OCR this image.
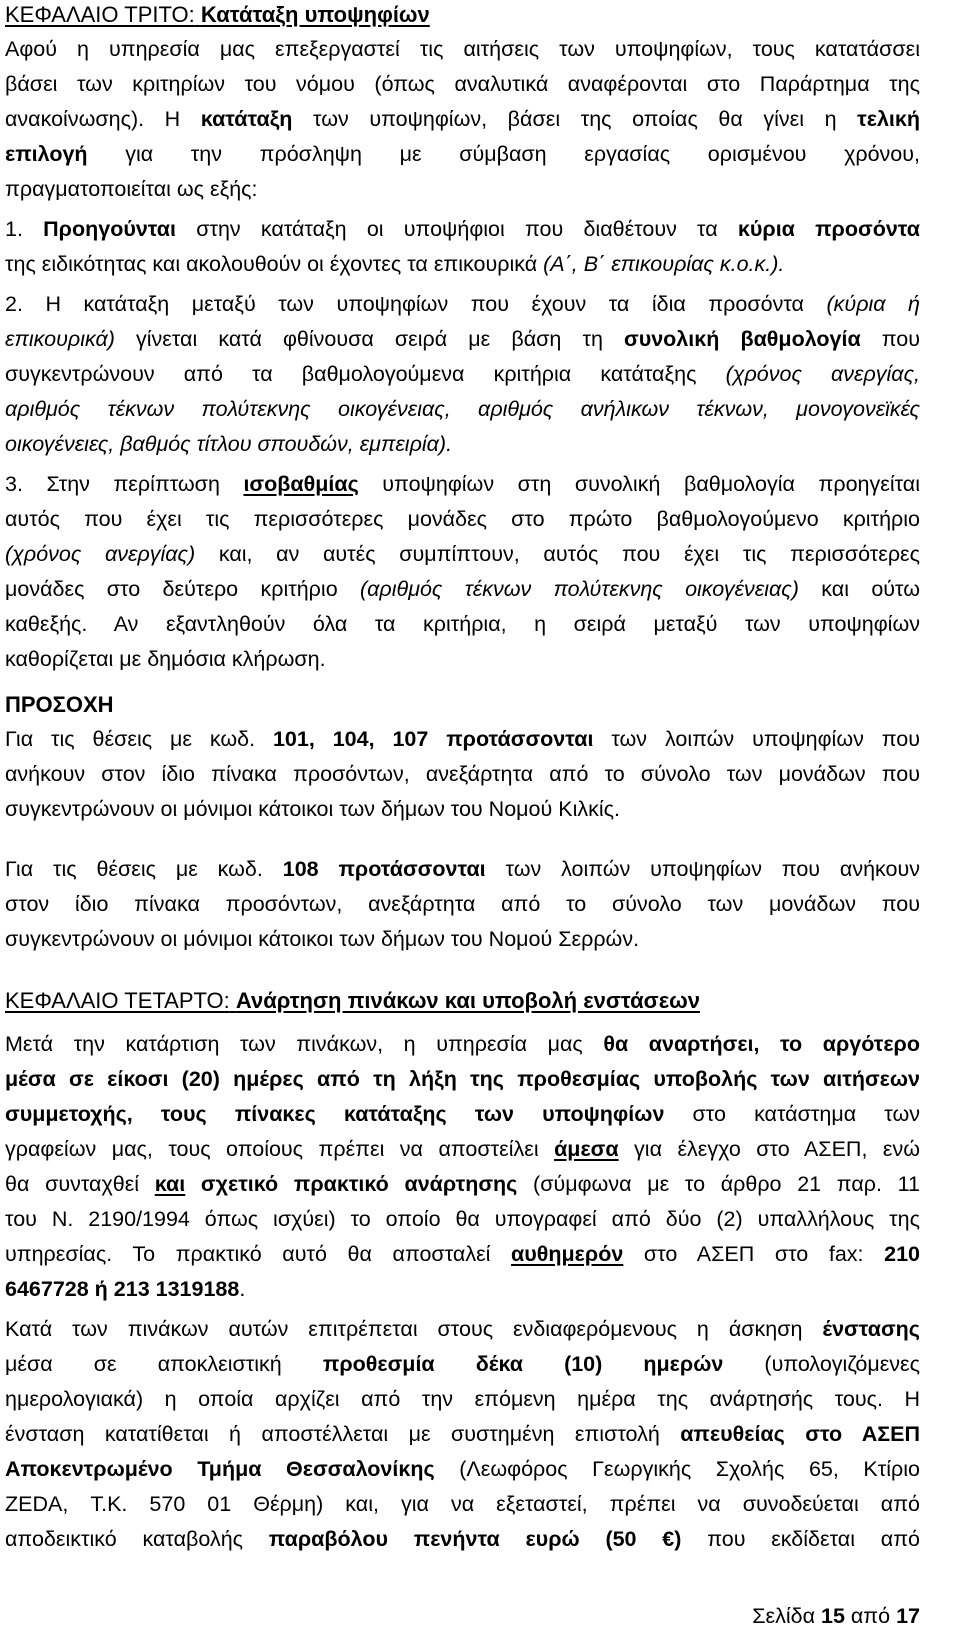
ΚΕΦΑΛΑΙΟ ΤΡΙΤΟ: Κατάταξη υποψηφίων
Αφού η υπηρεσία μας επεξεργαστεί τις αιτήσεις των υποψηφίων, τους κατατάσσει
βάσει των κριτηρίων του νόμου (όπως αναλυτικά αναφέρονται στο Παράρτημα της
ανακοίνωσης). Η κατάταξη των υποψηφίων, βάσει της οποίας θα γίνει η τελική
επιλογή για την πρόσληψη με σύμβαση εργασίας ορισμένου χρόνου,
πραγματοποιείται ως εξής:
1. Προηγούνται στην κατάταξη οι υποψήφιοι που διαθέτουν τα κύρια προσόντα
της ειδικότητας και ακολουθούν οι έχοντες τα επικουρικά (Α΄, Β΄ επικουρίας κ.ο.κ.).
2. Η κατάταξη μεταξύ των υποψηφίων που έχουν τα ίδια προσόντα (κύρια ή
επικουρικά) γίνεται κατά φθίνουσα σειρά με βάση τη συνολική βαθμολογία που
συγκεντρώνουν από τα βαθμολογούμενα κριτήρια κατάταξης (χρόνος ανεργίας,
αριθμός τέκνων πολύτεκνης οικογένειας, αριθμός ανήλικων τέκνων, μονογονεϊκές
οικογένειες, βαθμός τίτλου σπουδών, εμπειρία).
3. Στην περίπτωση ισοβαθμίας υποψηφίων στη συνολική βαθμολογία προηγείται
αυτός που έχει τις περισσότερες μονάδες στο πρώτο βαθμολογούμενο κριτήριο
(χρόνος ανεργίας) και, αν αυτές συμπίπτουν, αυτός που έχει τις περισσότερες
μονάδες στο δεύτερο κριτήριο (αριθμός τέκνων πολύτεκνης οικογένειας) και ούτω
καθεξής. Αν εξαντληθούν όλα τα κριτήρια, η σειρά μεταξύ των υποψηφίων
καθορίζεται με δημόσια κλήρωση.
ΠΡΟΣΟΧΗ
Για τις θέσεις με κωδ. 101, 104, 107 προτάσσονται των λοιπών υποψηφίων που
ανήκουν στον ίδιο πίνακα προσόντων, ανεξάρτητα από το σύνολο των μονάδων που
συγκεντρώνουν οι μόνιμοι κάτοικοι των δήμων του Νομού Κιλκίς.
Για τις θέσεις με κωδ. 108 προτάσσονται των λοιπών υποψηφίων που ανήκουν
στον ίδιο πίνακα προσόντων, ανεξάρτητα από το σύνολο των μονάδων που
συγκεντρώνουν οι μόνιμοι κάτοικοι των δήμων του Νομού Σερρών.
ΚΕΦΑΛΑΙΟ ΤΕΤΑΡΤΟ: Ανάρτηση πινάκων και υποβολή ενστάσεων
Μετά την κατάρτιση των πινάκων, η υπηρεσία μας θα αναρτήσει, το αργότερο
μέσα σε είκοσι (20) ημέρες από τη λήξη της προθεσμίας υποβολής των αιτήσεων
συμμετοχής, τους πίνακες κατάταξης των υποψηφίων στο κατάστημα των
γραφείων μας, τους οποίους πρέπει να αποστείλει άμεσα για έλεγχο στο ΑΣΕΠ, ενώ
θα συνταχθεί και σχετικό πρακτικό ανάρτησης (σύμφωνα με το άρθρο 21 παρ. 11
του Ν. 2190/1994 όπως ισχύει) το οποίο θα υπογραφεί από δύο (2) υπαλλήλους της
υπηρεσίας. Το πρακτικό αυτό θα αποσταλεί αυθημερόν στο ΑΣΕΠ στο fax: 210
6467728 ή 213 1319188.
Κατά των πινάκων αυτών επιτρέπεται στους ενδιαφερόμενους η άσκηση ένστασης
μέσα σε αποκλειστική προθεσμία δέκα (10) ημερών (υπολογιζόμενες
ημερολογιακά) η οποία αρχίζει από την επόμενη ημέρα της ανάρτησής τους. Η
ένσταση κατατίθεται ή αποστέλλεται με συστημένη επιστολή απευθείας στο ΑΣΕΠ
Αποκεντρωμένο Τμήμα Θεσσαλονίκης (Λεωφόρος Γεωργικής Σχολής 65, Κτίριο
ZEDA, Τ.Κ. 570 01 Θέρμη) και, για να εξεταστεί, πρέπει να συνοδεύεται από
αποδεικτικό καταβολής παραβόλου πενήντα ευρώ (50 €) που εκδίδεται από
Σελίδα 15 από 17
